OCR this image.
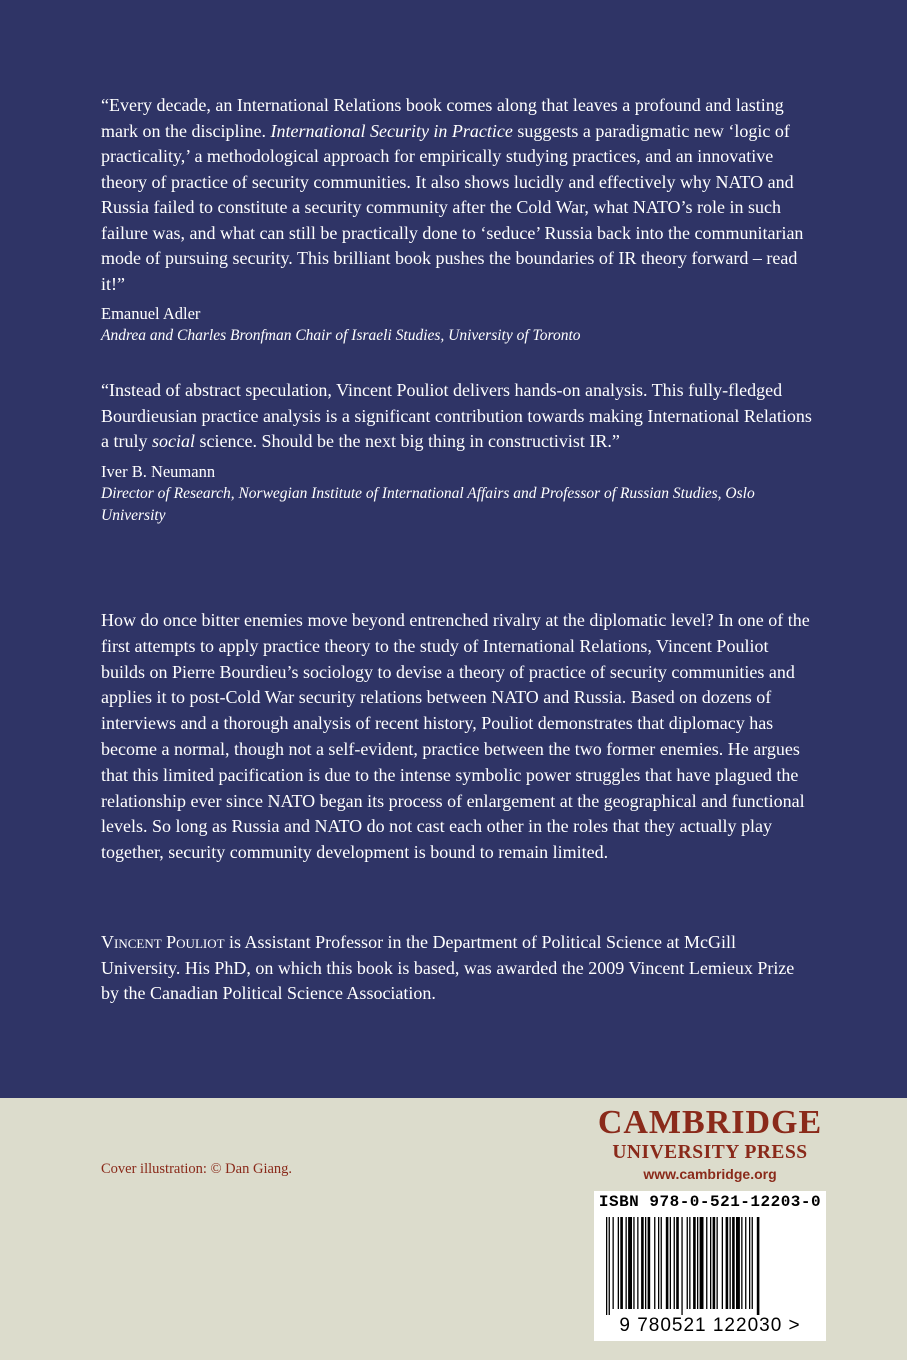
“Every decade, an International Relations book comes along that leaves a profound and lasting mark on the discipline. International Security in Practice suggests a paradigmatic new ‘logic of practicality,’ a methodological approach for empirically studying practices, and an innovative theory of practice of security communities. It also shows lucidly and effectively why NATO and Russia failed to constitute a security community after the Cold War, what NATO’s role in such failure was, and what can still be practically done to ‘seduce’ Russia back into the communitarian mode of pursuing security. This brilliant book pushes the boundaries of IR theory forward – read it!”

Emanuel Adler

Andrea and Charles Bronfman Chair of Israeli Studies, University of Toronto

“Instead of abstract speculation, Vincent Pouliot delivers hands-on analysis. This fully-fledged Bourdieusian practice analysis is a significant contribution towards making International Relations a truly social science. Should be the next big thing in constructivist IR.”

Iver B. Neumann

Director of Research, Norwegian Institute of International Affairs and Professor of Russian Studies, Oslo University

How do once bitter enemies move beyond entrenched rivalry at the diplomatic level? In one of the first attempts to apply practice theory to the study of International Relations, Vincent Pouliot builds on Pierre Bourdieu’s sociology to devise a theory of practice of security communities and applies it to post-Cold War security relations between NATO and Russia. Based on dozens of interviews and a thorough analysis of recent history, Pouliot demonstrates that diplomacy has become a normal, though not a self-evident, practice between the two former enemies. He argues that this limited pacification is due to the intense symbolic power struggles that have plagued the relationship ever since NATO began its process of enlargement at the geographical and functional levels. So long as Russia and NATO do not cast each other in the roles that they actually play together, security community development is bound to remain limited.

Vincent Pouliot is Assistant Professor in the Department of Political Science at McGill University. His PhD, on which this book is based, was awarded the 2009 Vincent Lemieux Prize by the Canadian Political Science Association.

Cover illustration: © Dan Giang.
CAMBRIDGE
UNIVERSITY PRESS
www.cambridge.org
ISBN 978-0-521-12203-0
9 780521 122030 >
